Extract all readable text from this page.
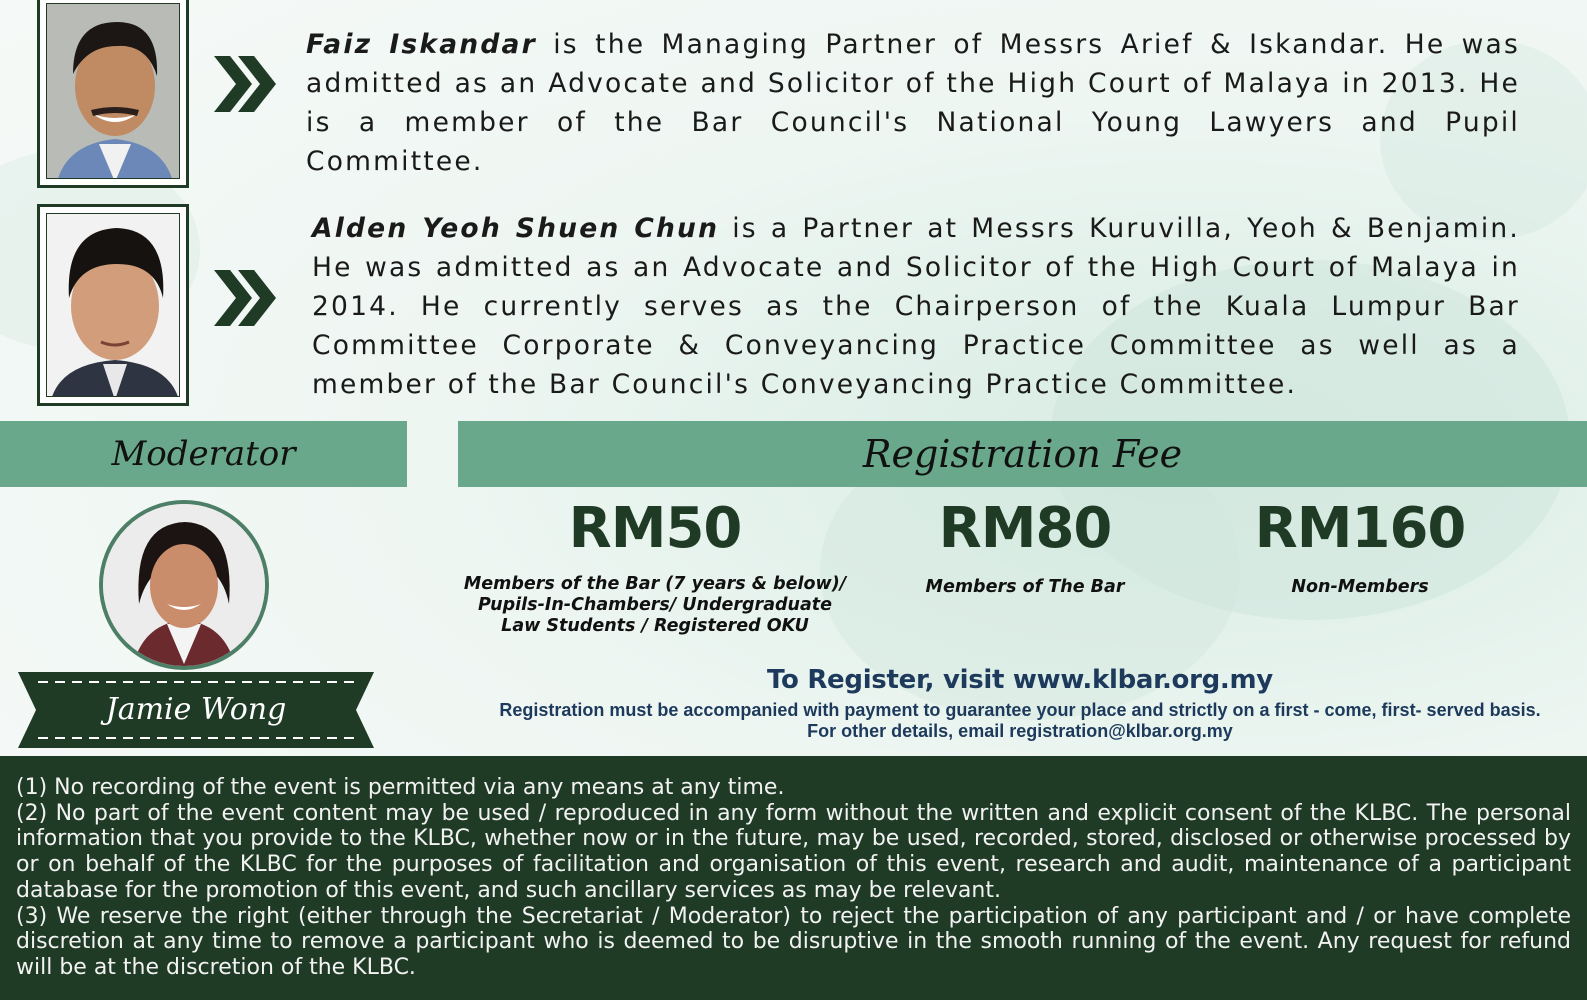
Faiz Iskandar is the Managing Partner of Messrs Arief & Iskandar. He was admitted as an Advocate and Solicitor of the High Court of Malaya in 2013. He is a member of the Bar Council's National Young Lawyers and Pupil Committee.
Alden Yeoh Shuen Chun is a Partner at Messrs Kuruvilla, Yeoh & Benjamin. He was admitted as an Advocate and Solicitor of the High Court of Malaya in 2014. He currently serves as the Chairperson of the Kuala Lumpur Bar Committee Corporate & Conveyancing Practice Committee as well as a member of the Bar Council's Conveyancing Practice Committee.
Moderator	Registration Fee
Jamie Wong
RM50
Members of the Bar (7 years & below)/ Pupils-In-Chambers/ Undergraduate Law Students / Registered OKU
RM80
Members of The Bar
RM160
Non-Members
To Register, visit www.klbar.org.my
Registration must be accompanied with payment to guarantee your place and strictly on a first - come, first- served basis.
For other details, email registration@klbar.org.my

(1) No recording of the event is permitted via any means at any time.

(2) No part of the event content may be used / reproduced in any form without the written and explicit consent of the KLBC. The personal information that you provide to the KLBC, whether now or in the future, may be used, recorded, stored, disclosed or otherwise processed by or on behalf of the KLBC for the purposes of facilitation and organisation of this event, research and audit, maintenance of a participant database for the promotion of this event, and such ancillary services as may be relevant.

(3) We reserve the right (either through the Secretariat / Moderator) to reject the participation of any participant and / or have complete discretion at any time to remove a participant who is deemed to be disruptive in the smooth running of the event. Any request for refund will be at the discretion of the KLBC.
